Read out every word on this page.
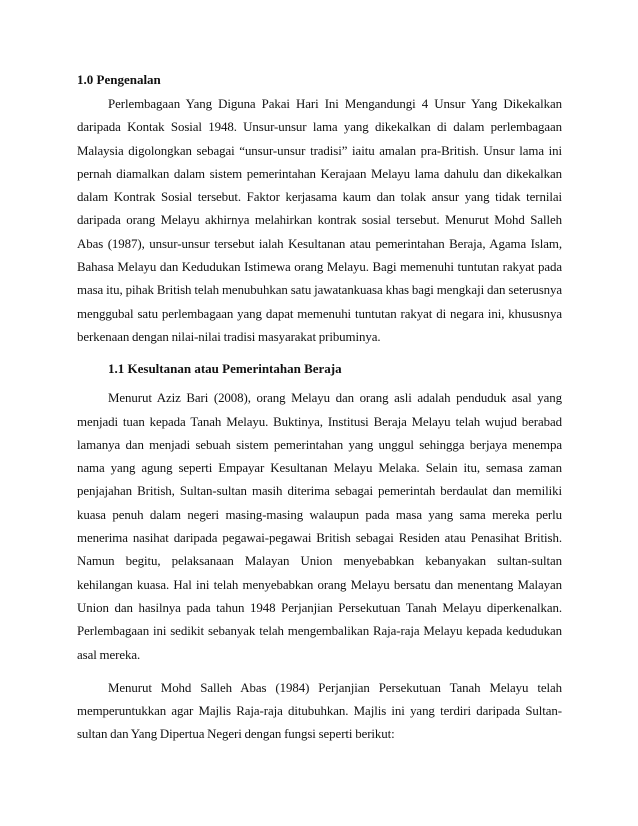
1.0 Pengenalan

Perlembagaan Yang Diguna Pakai Hari Ini Mengandungi 4 Unsur Yang Dikekalkan daripada Kontak Sosial 1948. Unsur-unsur lama yang dikekalkan di dalam perlembagaan Malaysia digolongkan sebagai “unsur-unsur tradisi” iaitu amalan pra-British. Unsur lama ini pernah diamalkan dalam sistem pemerintahan Kerajaan Melayu lama dahulu dan dikekalkan dalam Kontrak Sosial tersebut. Faktor kerjasama kaum dan tolak ansur yang tidak ternilai daripada orang Melayu akhirnya melahirkan kontrak sosial tersebut. Menurut Mohd Salleh Abas (1987), unsur-unsur tersebut ialah Kesultanan atau pemerintahan Beraja, Agama Islam, Bahasa Melayu dan Kedudukan Istimewa orang Melayu. Bagi memenuhi tuntutan rakyat pada masa itu, pihak British telah menubuhkan satu jawatankuasa khas bagi mengkaji dan seterusnya menggubal satu perlembagaan yang dapat memenuhi tuntutan rakyat di negara ini, khususnya berkenaan dengan nilai-nilai tradisi masyarakat pribuminya.

1.1 Kesultanan atau Pemerintahan Beraja

Menurut Aziz Bari (2008), orang Melayu dan orang asli adalah penduduk asal yang menjadi tuan kepada Tanah Melayu. Buktinya, Institusi Beraja Melayu telah wujud berabad lamanya dan menjadi sebuah sistem pemerintahan yang unggul sehingga berjaya menempa nama yang agung seperti Empayar Kesultanan Melayu Melaka. Selain itu, semasa zaman penjajahan British, Sultan-sultan masih diterima sebagai pemerintah berdaulat dan memiliki kuasa penuh dalam negeri masing-masing walaupun pada masa yang sama mereka perlu menerima nasihat daripada pegawai-pegawai British sebagai Residen atau Penasihat British. Namun begitu, pelaksanaan Malayan Union menyebabkan kebanyakan sultan-sultan kehilangan kuasa. Hal ini telah menyebabkan orang Melayu bersatu dan menentang Malayan Union dan hasilnya pada tahun 1948 Perjanjian Persekutuan Tanah Melayu diperkenalkan. Perlembagaan ini sedikit sebanyak telah mengembalikan Raja-raja Melayu kepada kedudukan asal mereka.

Menurut Mohd Salleh Abas (1984) Perjanjian Persekutuan Tanah Melayu telah memperuntukkan agar Majlis Raja-raja ditubuhkan. Majlis ini yang terdiri daripada Sultan-sultan dan Yang Dipertua Negeri dengan fungsi seperti berikut:
